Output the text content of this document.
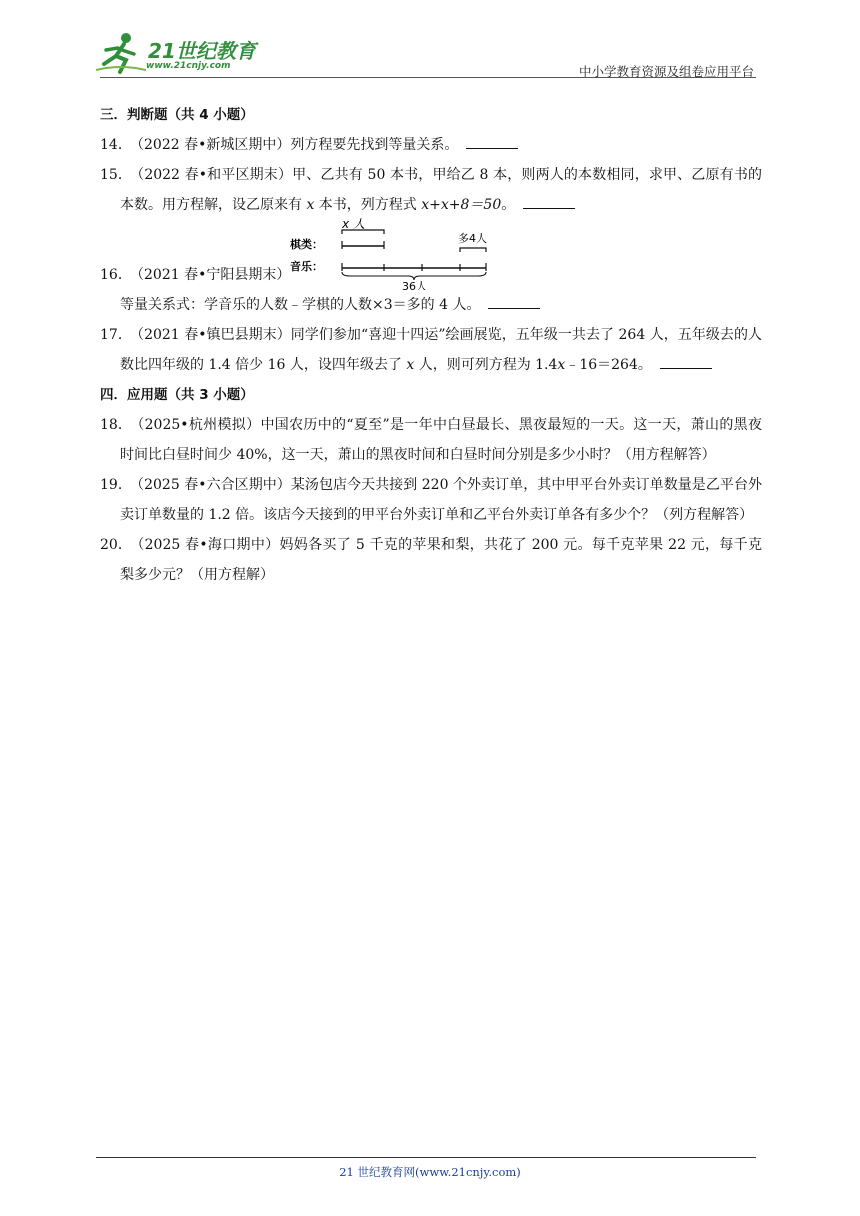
21世纪教育
www.21cnjy.com	中小学教育资源及组卷应用平台

三．判断题（共 4 小题）

14．（2022 春•新城区期中）列方程要先找到等量关系。

15．（2022 春•和平区期末）甲、乙共有 50 本书，甲给乙 8 本，则两人的本数相同，求甲、乙原有书的本数。用方程解，设乙原来有 x 本书，列方程式 x+x+8＝50。

x 人
棋类：	多4人
音乐：
36人

16．（2021 春•宁阳县期末）

等量关系式：学音乐的人数﹣学棋的人数×3＝多的 4 人。

17．（2021 春•镇巴县期末）同学们参加“喜迎十四运”绘画展览，五年级一共去了 264 人，五年级去的人数比四年级的 1.4 倍少 16 人，设四年级去了 x 人，则可列方程为 1.4x﹣16＝264。

四．应用题（共 3 小题）

18．（2025•杭州模拟）中国农历中的“夏至”是一年中白昼最长、黑夜最短的一天。这一天，萧山的黑夜时间比白昼时间少 40%，这一天，萧山的黑夜时间和白昼时间分别是多少小时？（用方程解答）

19．（2025 春•六合区期中）某汤包店今天共接到 220 个外卖订单，其中甲平台外卖订单数量是乙平台外卖订单数量的 1.2 倍。该店今天接到的甲平台外卖订单和乙平台外卖订单各有多少个？（列方程解答）

20．（2025 春•海口期中）妈妈各买了 5 千克的苹果和梨，共花了 200 元。每千克苹果 22 元，每千克梨多少元？（用方程解）

21 世纪教育网(www.21cnjy.com)
